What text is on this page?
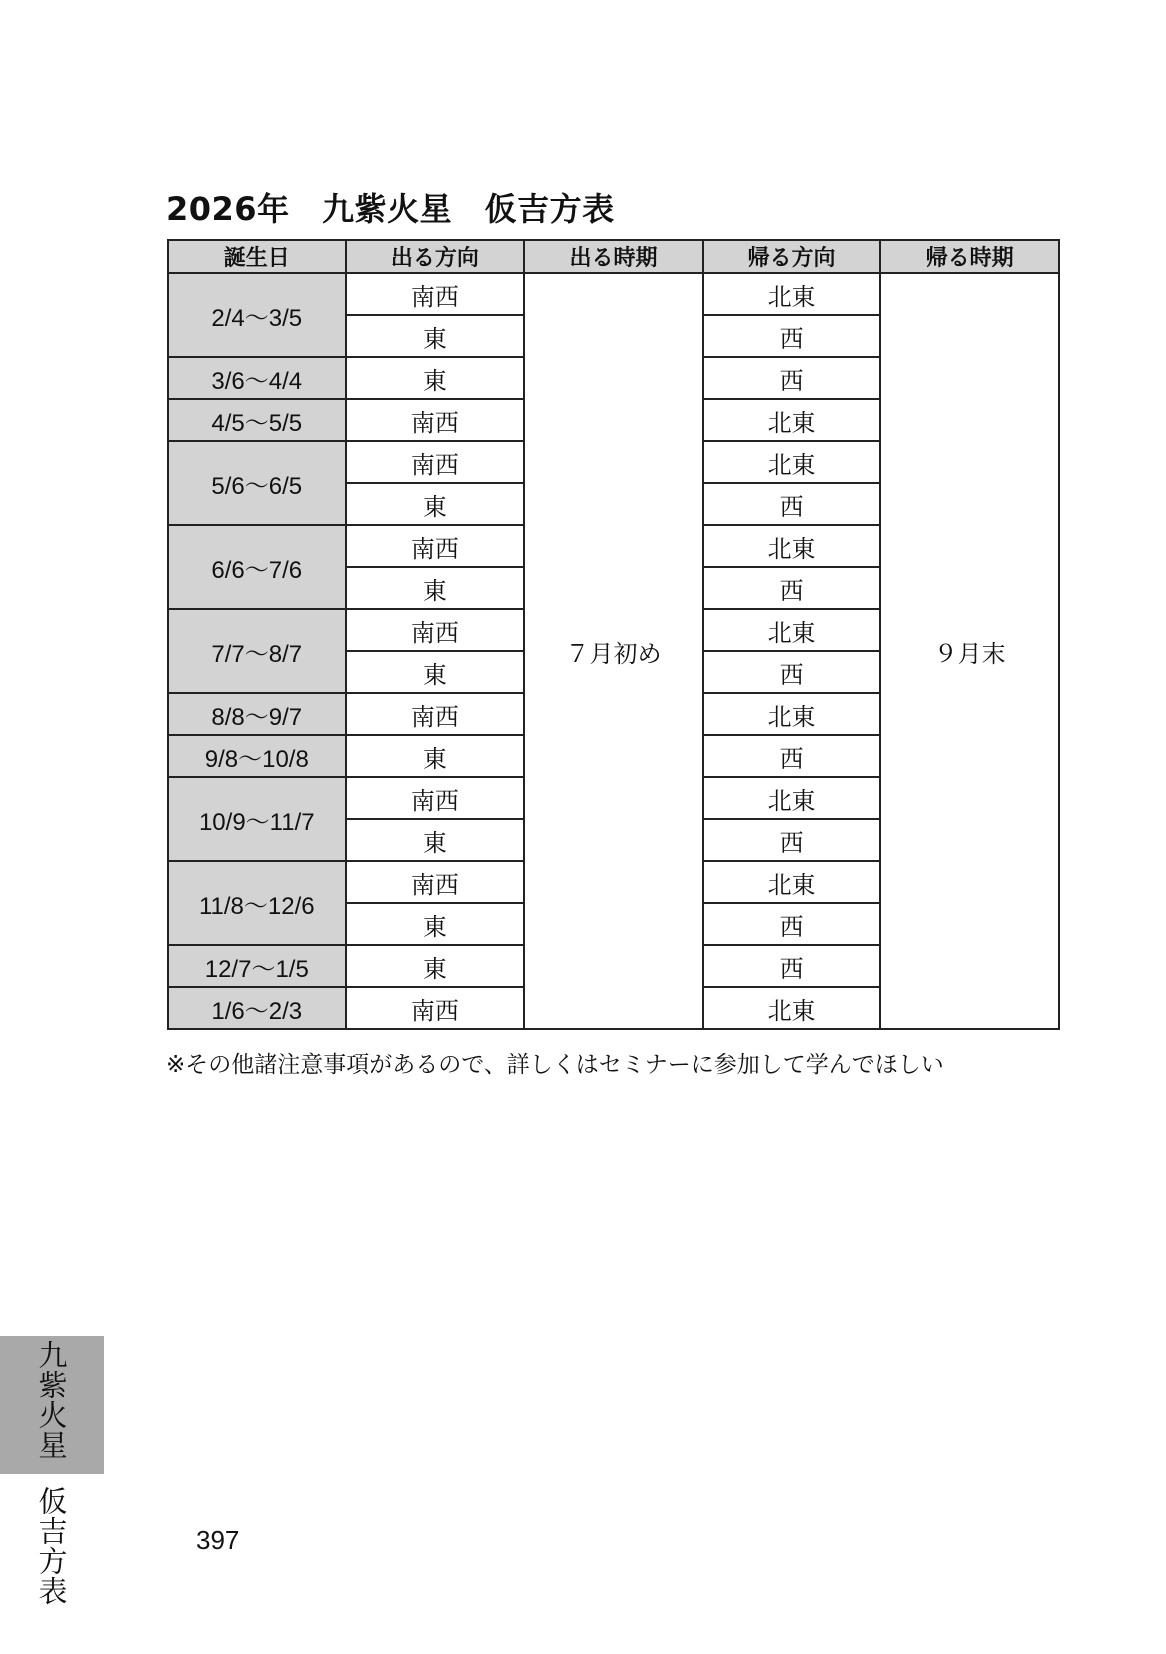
2026年　九紫火星　仮吉方表
誕生日	出る方向	出る時期	帰る方向	帰る時期
2/4～3/5	南西	７月初め	北東	９月末
	東		西	
3/6～4/4	東		西	
4/5～5/5	南西		北東	
5/6～6/5	南西		北東	
	東		西	
6/6～7/6	南西		北東	
	東		西	
7/7～8/7	南西		北東	
	東		西	
8/8～9/7	南西		北東	
9/8～10/8	東		西	
10/9～11/7	南西		北東	
	東		西	
11/8～12/6	南西		北東	
	東		西	
12/7～1/5	東		西	
1/6～2/3	南西		北東	
※その他諸注意事項があるので、詳しくはセミナーに参加して学んでほしい
九紫火星
仮吉方表	397
